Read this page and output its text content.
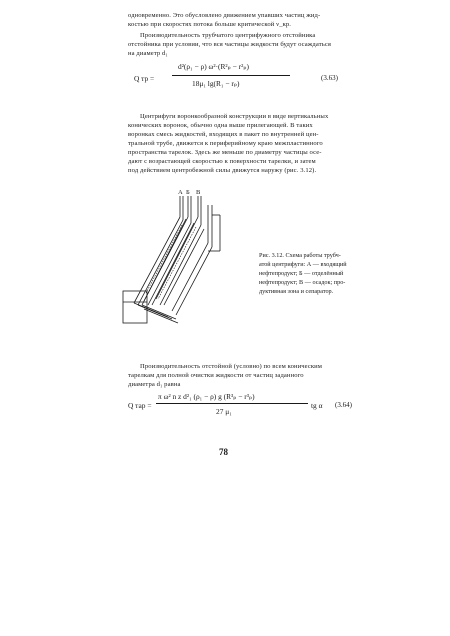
одновременно. Это обусловлено движением упавших частиц жид-
костью при скоростях потока больше критической ν_кр.
Производительность трубчатого центрифужного отстойника
отстойника при условии, что вся частицы жидкости будут осаждаться
на диаметр d₁
Q тр =
d²(ρ₁ − ρ) ω²·(R²ₚ − r²ₚ)
18μ₁ lg(R₁ − rₚ)
(3.63)
Центрифуги воронкообразной конструкции в виде вертикальных
конических воронок, обычно одна выше прилегающей. В таких
воронках смесь жидкостей, входящих в пакет по внутренней цен-
тральной трубе, движется к периферийному краю межпластинного
пространства тарелок. Здесь же меньше по диаметру частицы осе-
дают с возрастающей скоростью к поверхности тарелки, и затем
под действием центробежной силы движутся наружу (рис. 3.12).
А Б В
Рис. 3.12. Схема работы трубч-
атой центрифуги: А — входящий
нефтепродукт; Б — отделённый
нефтепродукт; В — осадок; про-
дуктивная зона и сепаратор.
Производительность отстойной (условно) по всем коническим
тарелкам для полной очистки жидкости от частиц заданного
диаметра d₁ равна
Q тар =
π ω² n z d²₁ (ρ₁ − ρ) g (R³ₚ − r³ₚ)
27 μ₁
tg α (3.64)
78
